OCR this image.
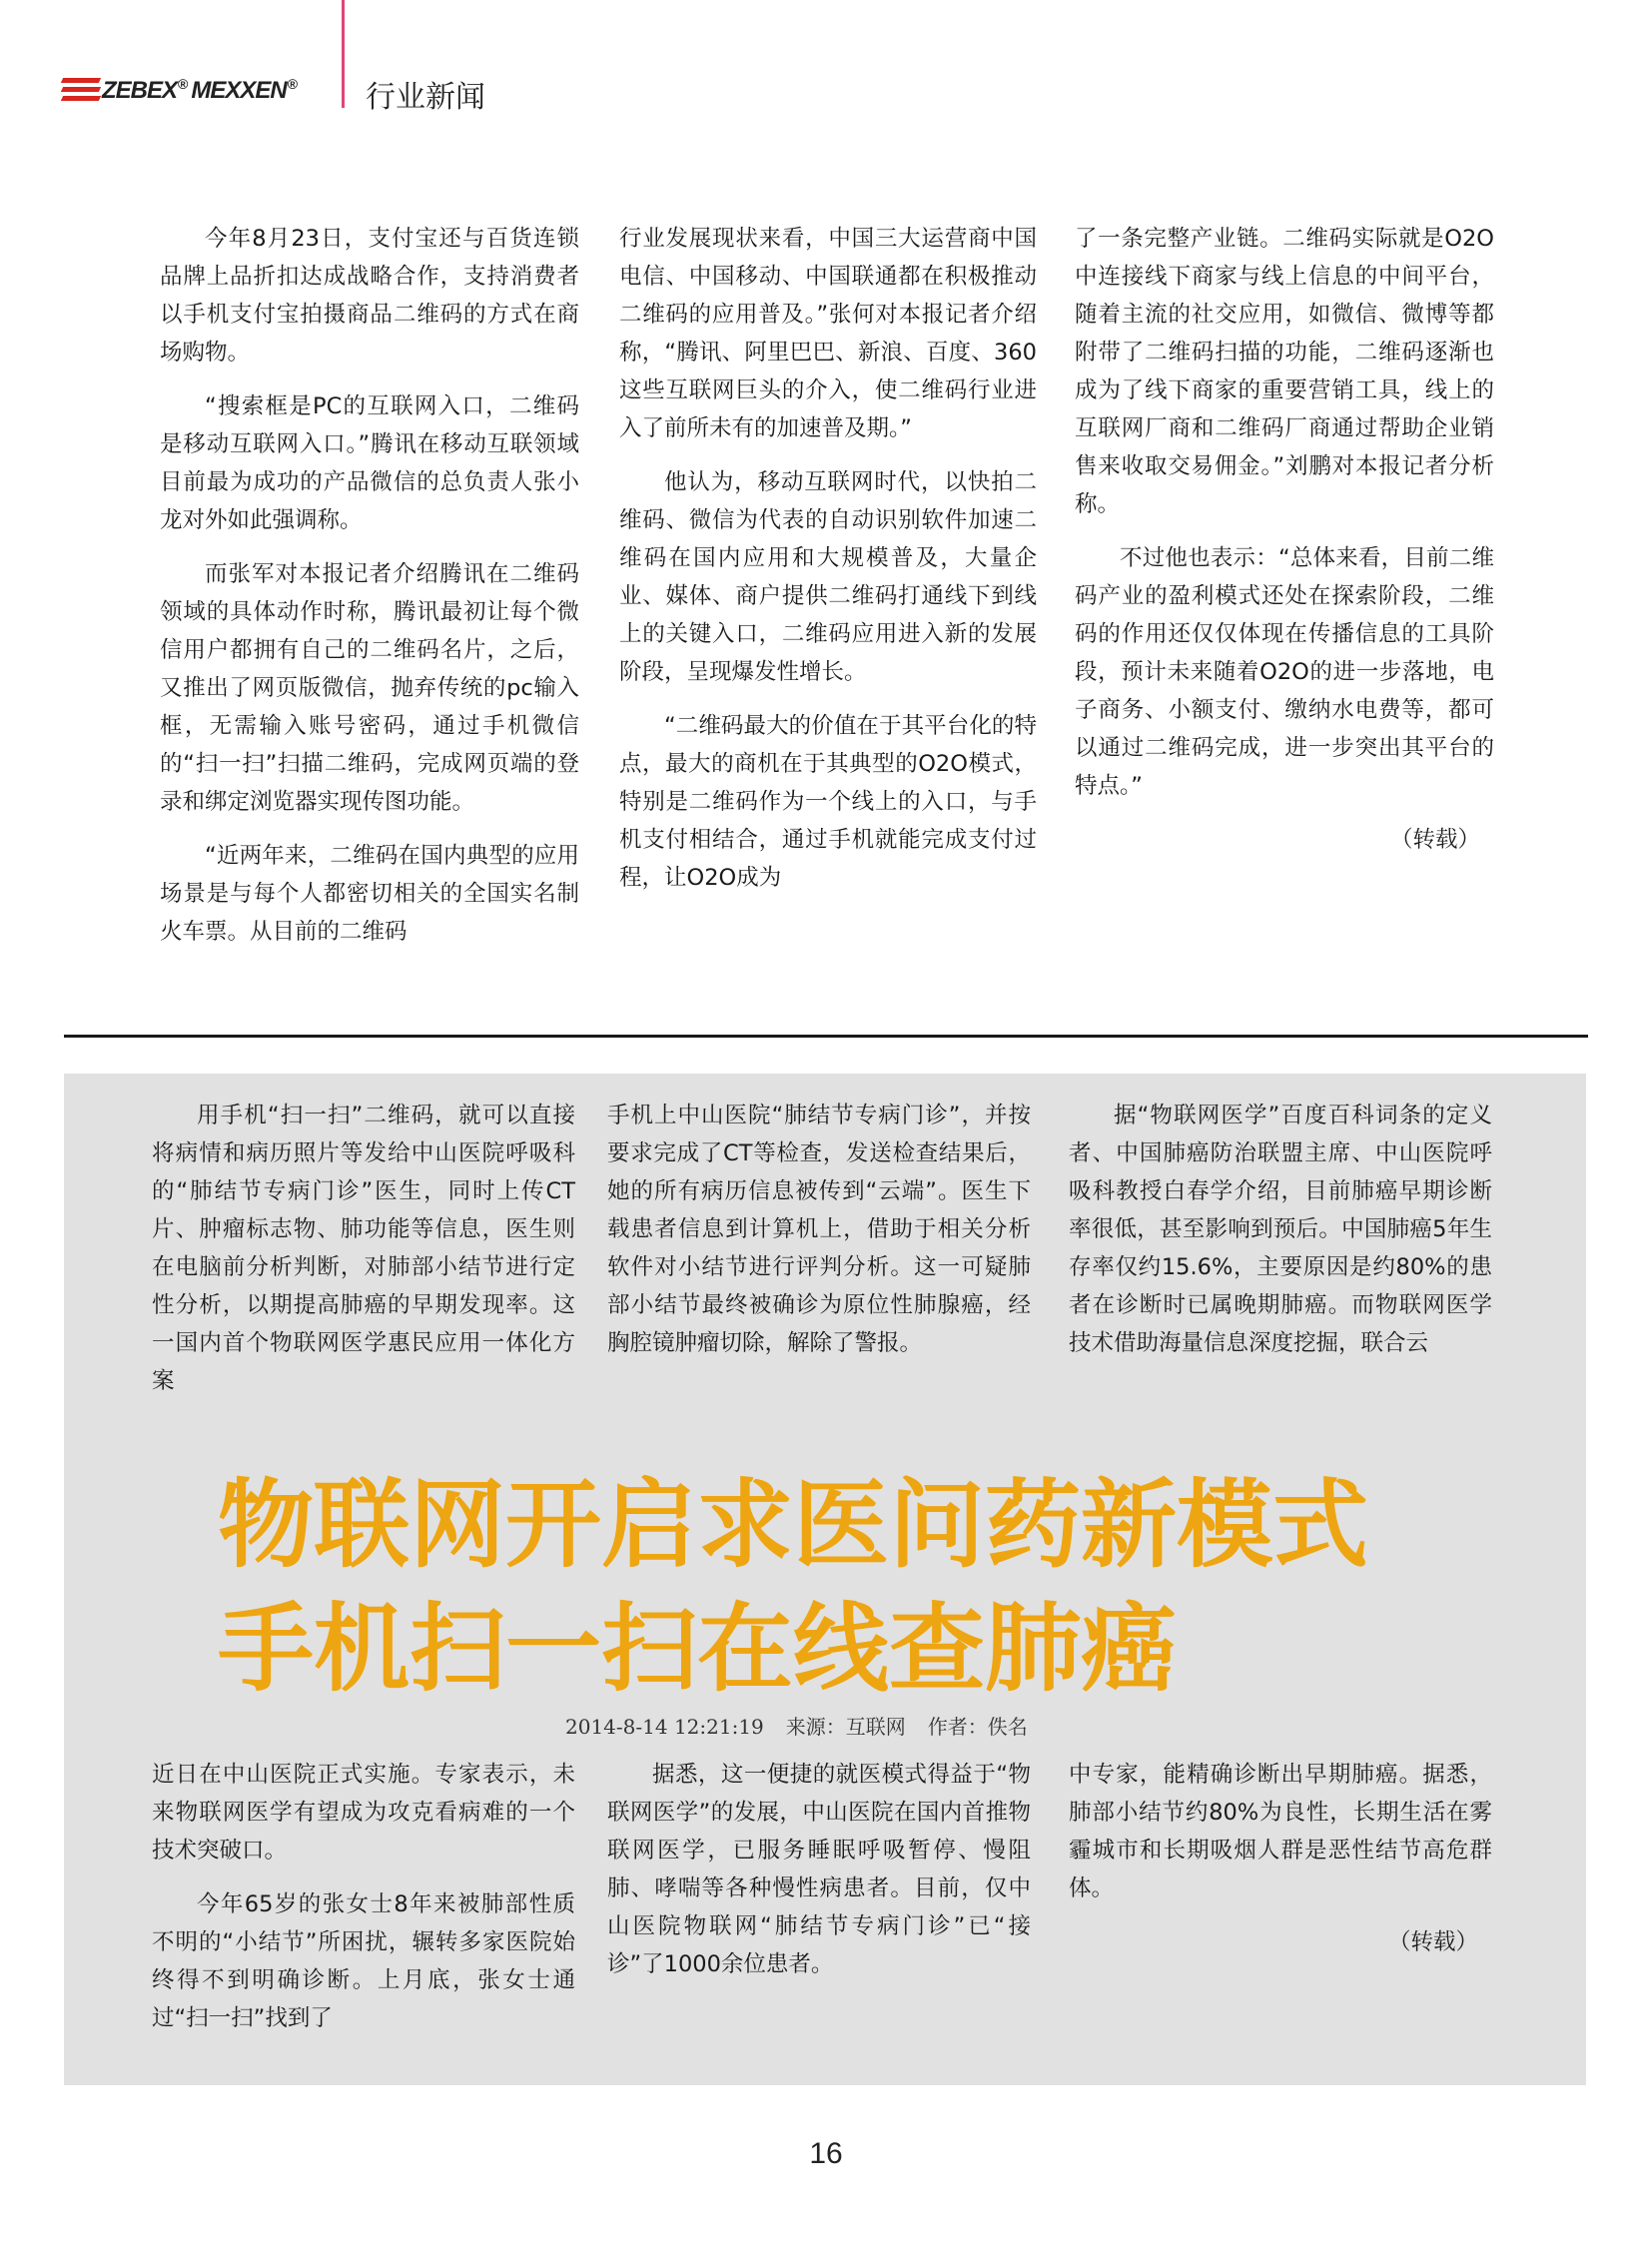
ZEBEX® MEXXEN® 行业新闻

今年8月23日，支付宝还与百货连锁品牌上品折扣达成战略合作，支持消费者以手机支付宝拍摄商品二维码的方式在商场购物。

“搜索框是PC的互联网入口，二维码是移动互联网入口。”腾讯在移动互联领域目前最为成功的产品微信的总负责人张小龙对外如此强调称。

而张军对本报记者介绍腾讯在二维码领域的具体动作时称，腾讯最初让每个微信用户都拥有自己的二维码名片，之后，又推出了网页版微信，抛弃传统的pc输入框，无需输入账号密码，通过手机微信的“扫一扫”扫描二维码，完成网页端的登录和绑定浏览器实现传图功能。

“近两年来，二维码在国内典型的应用场景是与每个人都密切相关的全国实名制火车票。从目前的二维码

行业发展现状来看，中国三大运营商中国电信、中国移动、中国联通都在积极推动二维码的应用普及。”张何对本报记者介绍称，“腾讯、阿里巴巴、新浪、百度、360这些互联网巨头的介入，使二维码行业进入了前所未有的加速普及期。”

他认为，移动互联网时代，以快拍二维码、微信为代表的自动识别软件加速二维码在国内应用和大规模普及，大量企业、媒体、商户提供二维码打通线下到线上的关键入口，二维码应用进入新的发展阶段，呈现爆发性增长。

“二维码最大的价值在于其平台化的特点，最大的商机在于其典型的O2O模式，特别是二维码作为一个线上的入口，与手机支付相结合，通过手机就能完成支付过程，让O2O成为

了一条完整产业链。二维码实际就是O2O中连接线下商家与线上信息的中间平台，随着主流的社交应用，如微信、微博等都附带了二维码扫描的功能，二维码逐渐也成为了线下商家的重要营销工具，线上的互联网厂商和二维码厂商通过帮助企业销售来收取交易佣金。”刘鹏对本报记者分析称。

不过他也表示：“总体来看，目前二维码产业的盈利模式还处在探索阶段，二维码的作用还仅仅体现在传播信息的工具阶段，预计未来随着O2O的进一步落地，电子商务、小额支付、缴纳水电费等，都可以通过二维码完成，进一步突出其平台的特点。”

（转载）

用手机“扫一扫”二维码，就可以直接将病情和病历照片等发给中山医院呼吸科的“肺结节专病门诊”医生，同时上传CT片、肿瘤标志物、肺功能等信息，医生则在电脑前分析判断，对肺部小结节进行定性分析，以期提高肺癌的早期发现率。这一国内首个物联网医学惠民应用一体化方案

手机上中山医院“肺结节专病门诊”，并按要求完成了CT等检查，发送检查结果后，她的所有病历信息被传到“云端”。医生下载患者信息到计算机上，借助于相关分析软件对小结节进行评判分析。这一可疑肺部小结节最终被确诊为原位性肺腺癌，经胸腔镜肿瘤切除，解除了警报。

据“物联网医学”百度百科词条的定义者、中国肺癌防治联盟主席、中山医院呼吸科教授白春学介绍，目前肺癌早期诊断率很低，甚至影响到预后。中国肺癌5年生存率仅约15.6%，主要原因是约80%的患者在诊断时已属晚期肺癌。而物联网医学技术借助海量信息深度挖掘，联合云

物联网开启求医问药新模式
手机扫一扫在线查肺癌
2014-8-14 12:21:19 来源：互联网 作者：佚名

近日在中山医院正式实施。专家表示，未来物联网医学有望成为攻克看病难的一个技术突破口。

今年65岁的张女士8年来被肺部性质不明的“小结节”所困扰，辗转多家医院始终得不到明确诊断。上月底，张女士通过“扫一扫”找到了

据悉，这一便捷的就医模式得益于“物联网医学”的发展，中山医院在国内首推物联网医学，已服务睡眠呼吸暂停、慢阻肺、哮喘等各种慢性病患者。目前，仅中山医院物联网“肺结节专病门诊”已“接诊”了1000余位患者。

中专家，能精确诊断出早期肺癌。据悉，肺部小结节约80%为良性，长期生活在雾霾城市和长期吸烟人群是恶性结节高危群体。

（转载）

16
